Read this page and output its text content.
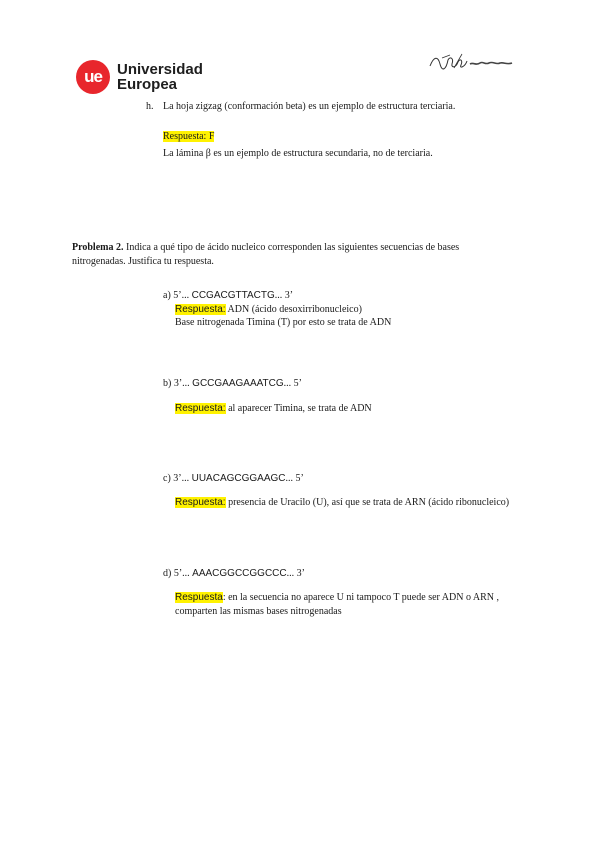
ue	Universidad
Europea
h. La hoja zigzag (conformación beta) es un ejemplo de estructura terciaria.
Respuesta: F
La lámina β es un ejemplo de estructura secundaria, no de terciaria.
Problema 2. Indica a qué tipo de ácido nucleico corresponden las siguientes secuencias de bases nitrogenadas. Justifica tu respuesta.
a) 5’... CCGACGTTACTG... 3’
Respuesta: ADN (ácido desoxirribonucleico)
Base nitrogenada Timina (T) por esto se trata de ADN
b) 3’... GCCGAAGAAATCG... 5’
Respuesta: al aparecer Timina, se trata de ADN
c) 3’... UUACAGCGGAAGC... 5’
Respuesta: presencia de Uracilo (U), así que se trata de ARN (ácido ribonucleico)
d) 5’... AAACGGCCGGCCC... 3’
Respuesta: en la secuencia no aparece U ni tampoco T puede ser ADN o ARN ,
comparten las mismas bases nitrogenadas
